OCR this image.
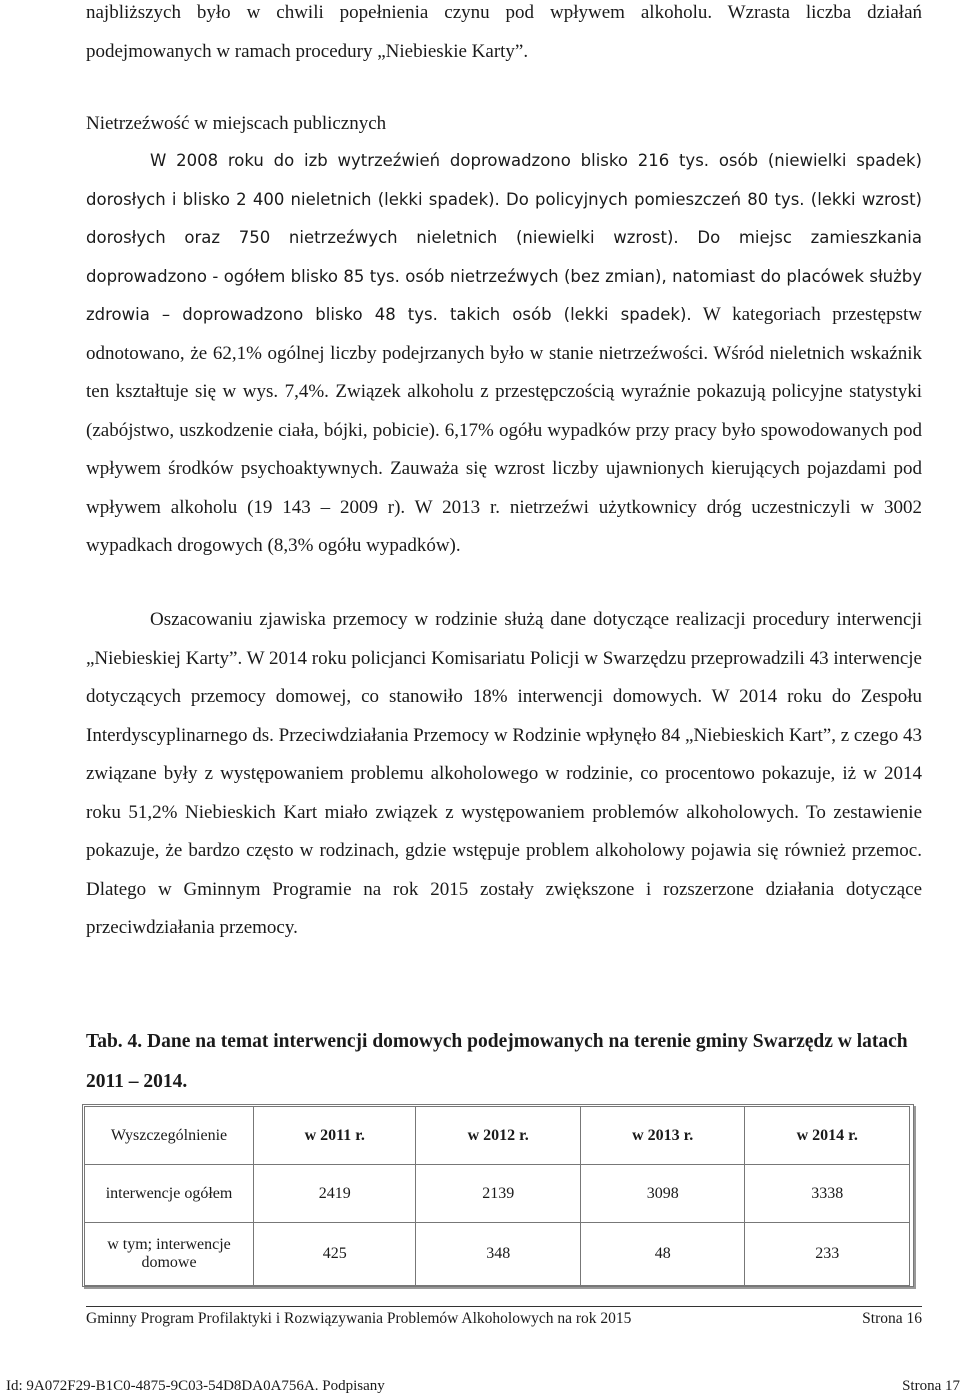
najbliższych było w chwili popełnienia czynu pod wpływem alkoholu. Wzrasta liczba działań podejmowanych w ramach procedury „Niebieskie Karty”.

Nietrzeźwość w miejscach publicznych

W 2008 roku do izb wytrzeźwień doprowadzono blisko 216 tys. osób (niewielki spadek) dorosłych i blisko 2 400 nieletnich (lekki spadek). Do policyjnych pomieszczeń 80 tys. (lekki wzrost) dorosłych oraz 750 nietrzeźwych nieletnich (niewielki wzrost). Do miejsc zamieszkania doprowadzono - ogółem blisko 85 tys. osób nietrzeźwych (bez zmian), natomiast do placówek służby zdrowia – doprowadzono blisko 48 tys. takich osób (lekki spadek). W kategoriach przestępstw odnotowano, że 62,1% ogólnej liczby podejrzanych było w stanie nietrzeźwości. Wśród nieletnich wskaźnik ten kształtuje się w wys. 7,4%. Związek alkoholu z przestępczością wyraźnie pokazują policyjne statystyki (zabójstwo, uszkodzenie ciała, bójki, pobicie). 6,17% ogółu wypadków przy pracy było spowodowanych pod wpływem środków psychoaktywnych. Zauważa się wzrost liczby ujawnionych kierujących pojazdami pod wpływem alkoholu (19 143 – 2009 r). W 2013 r. nietrzeźwi użytkownicy dróg uczestniczyli w 3002 wypadkach drogowych (8,3% ogółu wypadków).

Oszacowaniu zjawiska przemocy w rodzinie służą dane dotyczące realizacji procedury interwencji „Niebieskiej Karty”. W 2014 roku policjanci Komisariatu Policji w Swarzędzu przeprowadzili 43 interwencje dotyczących przemocy domowej, co stanowiło 18% interwencji domowych. W 2014 roku do Zespołu Interdyscyplinarnego ds. Przeciwdziałania Przemocy w Rodzinie wpłynęło 84 „Niebieskich Kart”, z czego 43 związane były z występowaniem problemu alkoholowego w rodzinie, co procentowo pokazuje, iż w 2014 roku 51,2% Niebieskich Kart miało związek z występowaniem problemów alkoholowych. To zestawienie pokazuje, że bardzo często w rodzinach, gdzie wstępuje problem alkoholowy pojawia się również przemoc. Dlatego w Gminnym Programie na rok 2015 zostały zwiększone i rozszerzone działania dotyczące przeciwdziałania przemocy.

Tab. 4. Dane na temat interwencji domowych podejmowanych na terenie gminy Swarzędz w latach 2011 – 2014.

Wyszczególnienie	w 2011 r.	w 2012 r.	w 2013 r.	w 2014 r.
interwencje ogółem	2419	2139	3098	3338
w tym; interwencje domowe	425	348	48	233
Gminny Program Profilaktyki i Rozwiązywania Problemów Alkoholowych na rok 2015	Strona 16
Id: 9A072F29-B1C0-4875-9C03-54D8DA0A756A. Podpisany	Strona 17
